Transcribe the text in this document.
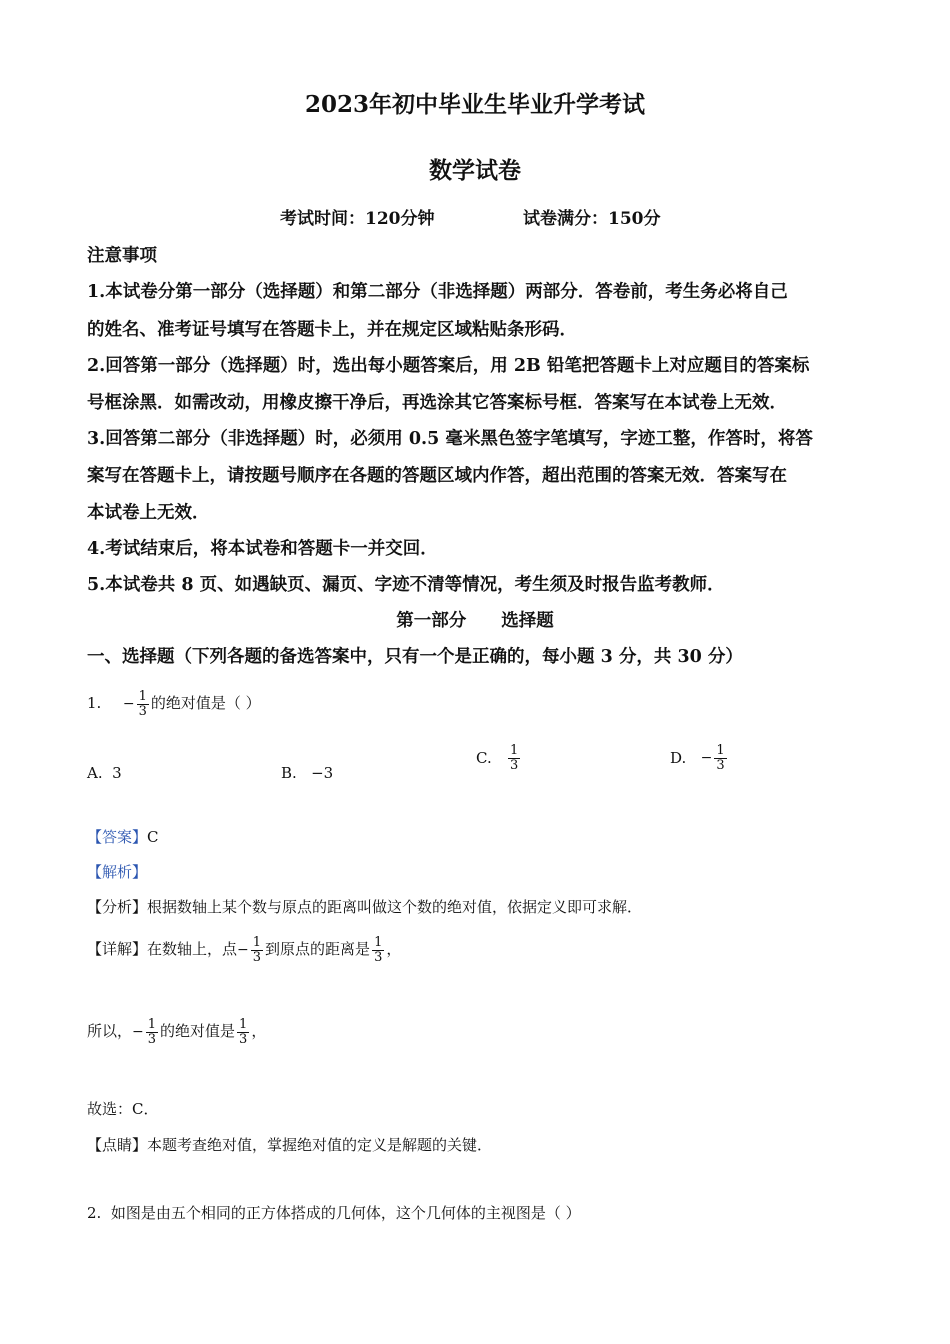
2023年初中毕业生毕业升学考试
数学试卷
考试时间：120分钟	试卷满分：150分
注意事项
1.本试卷分第一部分（选择题）和第二部分（非选择题）两部分．答卷前，考生务必将自己
的姓名、准考证号填写在答题卡上，并在规定区域粘贴条形码．
2.回答第一部分（选择题）时，选出每小题答案后，用 2B 铅笔把答题卡上对应题目的答案标
号框涂黑．如需改动，用橡皮擦干净后，再选涂其它答案标号框．答案写在本试卷上无效．
3.回答第二部分（非选择题）时，必须用 0.5 毫米黑色签字笔填写，字迹工整，作答时，将答
案写在答题卡上，请按题号顺序在各题的答题区域内作答，超出范围的答案无效．答案写在
本试卷上无效．
4.考试结束后，将本试卷和答题卡一并交回．
5.本试卷共 8 页、如遇缺页、漏页、字迹不清等情况，考生须及时报告监考教师．
第一部分　　选择题
一、选择题（下列各题的备选答案中，只有一个是正确的，每小题 3 分，共 30 分）
1. − $\frac{1}{3}$ 的绝对值是（ ）
A. 3	B. −3
C. $\frac{1}{3}$	D. − $\frac{1}{3}$
【答案】C
【解析】
【分析】根据数轴上某个数与原点的距离叫做这个数的绝对值，依据定义即可求解．
【详解】在数轴上，点− $\frac{1}{3}$ 到原点的距离是 $\frac{1}{3}$ ，
所以，− $\frac{1}{3}$ 的绝对值是 $\frac{1}{3}$ ，
故选：C．
【点睛】本题考查绝对值，掌握绝对值的定义是解题的关键．
2. 如图是由五个相同的正方体搭成的几何体，这个几何体的主视图是（ ）
